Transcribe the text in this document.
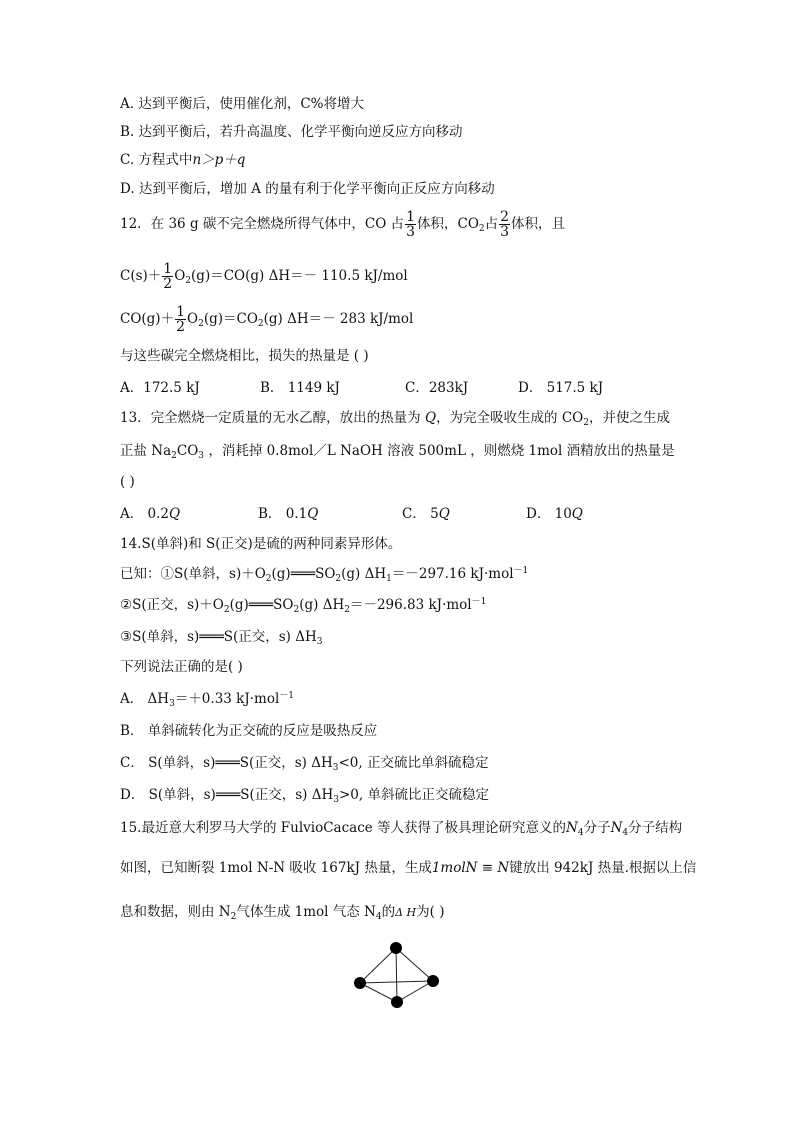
A. 达到平衡后，使用催化剂，C%将增大
B. 达到平衡后，若升高温度、化学平衡向逆反应方向移动
C. 方程式中n＞p＋q
D. 达到平衡后，增加 A 的量有利于化学平衡向正反应方向移动
12．在 36 g 碳不完全燃烧所得气体中，CO 占 $\frac{1}{3}$ 体积，$CO_2$占 $\frac{2}{3}$ 体积，且
$C(s)+ \frac{1}{2} O_2(g)=CO(g)$ ΔH＝－ 110.5 kJ/mol
$CO(g)+ \frac{1}{2} O_2(g)=CO_2(g)$ ΔH＝－ 283 kJ/mol
与这些碳完全燃烧相比，损失的热量是 ( )
A．172.5 kJ	B． 1149 kJ	C．283kJ	D． 517.5 kJ
13．完全燃烧一定质量的无水乙醇，放出的热量为 Q，为完全吸收生成的 $CO_2$，并使之生成
正盐 $Na_2CO_3$ ，消耗掉 0.8mol／L NaOH 溶液 500mL ，则燃烧 1mol 酒精放出的热量是
( )
A． 0.2Q	B． 0.1Q	C． 5Q	D． 10Q
14.S(单斜)和 S(正交)是硫的两种同素异形体。
已知：①S(单斜，$s)+O_2(g)═══SO_2(g)$ $\Delta H_1=-297.16$ kJ·mol$^{-1}$
②S(正交，$s)+O_2(g)═══SO_2(g)$ $\Delta H_2=-296.83$ kJ·mol$^{-1}$
③S(单斜，s)═══S(正交，s) $\Delta H_3$
下列说法正确的是( )
A． $\Delta H_3=+0.33$ kJ·mol$^{-1}$
B． 单斜硫转化为正交硫的反应是吸热反应
C． S(单斜，s)═══S(正交，s) $\Delta H_3<0$, 正交硫比单斜硫稳定
D． S(单斜，s)═══S(正交，s) $\Delta H_3>0$, 单斜硫比正交硫稳定
15.最近意大利罗马大学的 FulvioCacace 等人获得了极具理论研究意义的$N_4$分子$N_4$分子结构
如图，已知断裂 1mol N-N 吸收 167kJ 热量，生成1molN ≡ N键放出 942kJ 热量.根据以上信
息和数据，则由 $N_2$气体生成 1mol 气态 $N_4$的Δ H为( )
